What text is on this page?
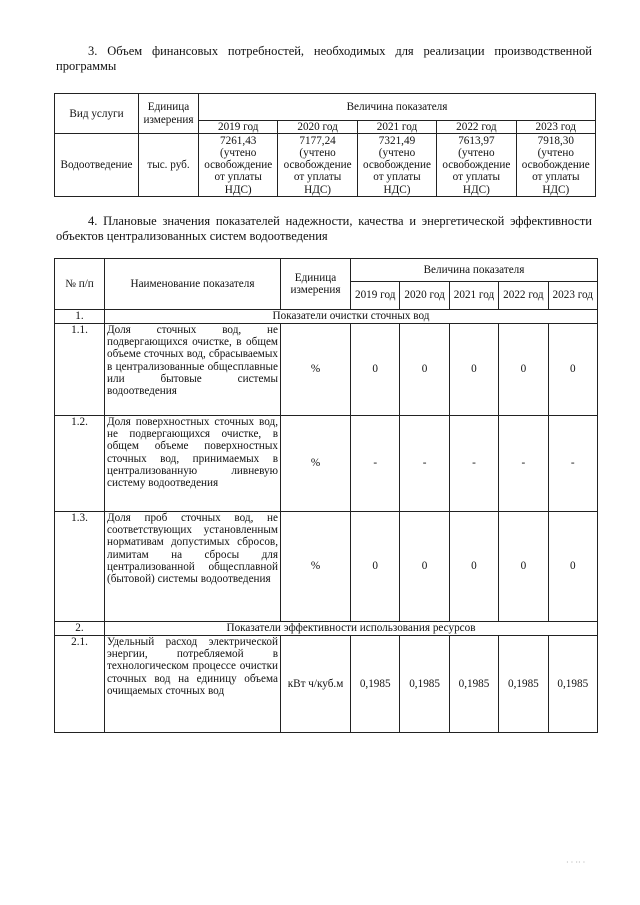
3. Объем финансовых потребностей, необходимых для реализации производственной программы
Вид услуги	Единица измерения	Величина показателя				
		2019 год	2020 год	2021 год	2022 год	2023 год
Водоотведение	тыс. руб.	7261,43 (учтено освобождение от уплаты НДС)	7177,24 (учтено освобождение от уплаты НДС)	7321,49 (учтено освобождение от уплаты НДС)	7613,97 (учтено освобождение от уплаты НДС)	7918,30 (учтено освобождение от уплаты НДС)
4. Плановые значения показателей надежности, качества и энергетической эффективности объектов централизованных систем водоотведения
№ п/п	Наименование показателя	Единица измерения	Величина показателя				
			2019 год	2020 год	2021 год	2022 год	2023 год
1.	Показатели очистки сточных вод						
1.1.	Доля сточных вод, не подвергающихся очистке, в общем объеме сточных вод, сбрасываемых в централизованные общесплавные или бытовые системы водоотведения	%	0	0	0	0	0
1.2.	Доля поверхностных сточных вод, не подвергающихся очистке, в общем объеме поверхностных сточных вод, принимаемых в централизованную ливневую систему водоотведения	%	-	-	-	-	-
1.3.	Доля проб сточных вод, не соответствующих установленным нормативам допустимых сбросов, лимитам на сбросы для централизованной общесплавной (бытовой) системы водоотведения	%	0	0	0	0	0
2.	Показатели эффективности использования ресурсов						
2.1.	Удельный расход электрической энергии, потребляемой в технологическом процессе очистки сточных вод на единицу объема очищаемых сточных вод	кВт ч/куб.м	0,1985	0,1985	0,1985	0,1985	0,1985
· · ·· ·
